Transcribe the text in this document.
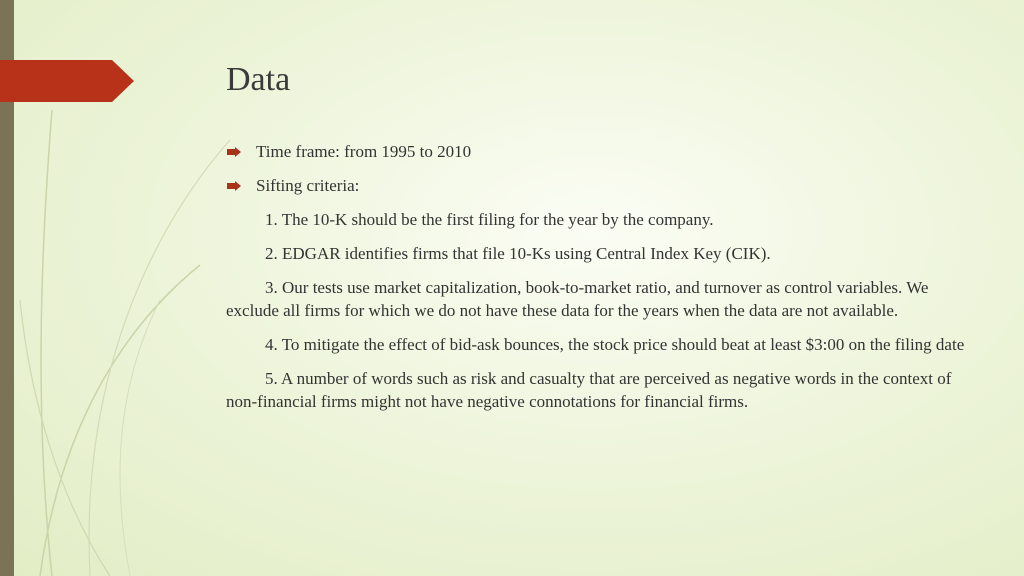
Data
Time frame: from 1995 to 2010
Sifting criteria:

1. The 10-K should be the first filing for the year by the company.

2. EDGAR identifies firms that file 10-Ks using Central Index Key (CIK).

3. Our tests use market capitalization, book-to-market ratio, and turnover as control variables. We exclude all firms for which we do not have these data for the years when the data are not available.

4. To mitigate the effect of bid-ask bounces, the stock price should beat at least $3:00 on the filing date

5. A number of words such as risk and casualty that are perceived as negative words in the context of non-financial firms might not have negative connotations for financial firms.
